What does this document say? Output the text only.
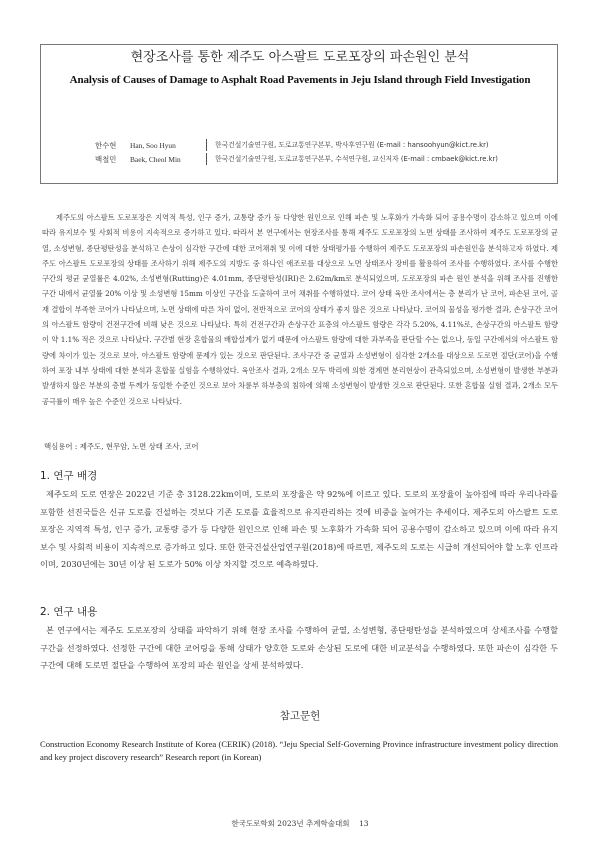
현장조사를 통한 제주도 아스팔트 도로포장의 파손원인 분석
Analysis of Causes of Damage to Asphalt Road Pavements in Jeju Island through Field Investigation
한수현	Han, Soo Hyun	한국건설기술연구원, 도로교통연구본부, 박사후연구원 (E-mail : hansoohyun@kict.re.kr)
백철민	Baek, Cheol Min	한국건설기술연구원, 도로교통연구본부, 수석연구원, 교신저자 (E-mail : cmbaek@kict.re.kr)

제주도의 아스팔트 도로포장은 지역적 특성, 인구 증가, 교통량 증가 등 다양한 원인으로 인해 파손 및 노후화가 가속화 되어 공용수명이 감소하고 있으며 이에 따라 유지보수 및 사회적 비용이 지속적으로 증가하고 있다. 따라서 본 연구에서는 현장조사를 통해 제주도 도로포장의 노면 상태를 조사하여 제주도 도로포장의 균열, 소성변형, 종단평탄성을 분석하고 손상이 심각한 구간에 대한 코어채취 및 이에 대한 상태평가를 수행하여 제주도 도로포장의 파손원인을 분석하고자 하였다. 제주도 아스팔트 도로포장의 상태를 조사하기 위해 제주도의 지방도 중 하나인 애조로를 대상으로 노면 상태조사 장비를 활용하여 조사를 수행하였다. 조사를 수행한 구간의 평균 균열률은 4.02%, 소성변형(Rutting)은 4.01mm, 종단평탄성(IRI)은 2.62m/km로 분석되었으며, 도로포장의 파손 원인 분석을 위해 조사를 진행한 구간 내에서 균열률 20% 이상 및 소성변형 15mm 이상인 구간을 도출하여 코어 채취를 수행하였다. 코어 상태 육안 조사에서는 층 분리가 난 코어, 파손된 코어, 골재 결합이 부족한 코어가 나타났으며, 노면 상태에 따른 차이 없이, 전반적으로 코어의 상태가 좋지 않은 것으로 나타났다. 코어의 물성을 평가한 결과, 손상구간 코어의 아스팔트 함량이 건전구간에 비해 낮은 것으로 나타났다. 특히 건전구간과 손상구간 표층의 아스팔트 함량은 각각 5.20%, 4.11%로, 손상구간의 아스팔트 함량이 약 1.1% 적은 것으로 나타났다. 구간별 현장 혼합물의 배합설계가 없기 때문에 아스팔트 함량에 대한 과부족을 판단할 수는 없으나, 동일 구간에서의 아스팔트 함량에 차이가 있는 것으로 보아, 아스팔트 함량에 문제가 있는 것으로 판단된다. 조사구간 중 균열과 소성변형이 심각한 2개소를 대상으로 도로면 절단(코어)을 수행하여 포장 내부 상태에 대한 분석과 혼합물 실험을 수행하였다. 육안조사 결과, 2개소 모두 박리에 의한 경계면 분리현상이 관측되었으며, 소성변형이 발생한 부분과 발생하지 않은 부분의 층별 두께가 동일한 수준인 것으로 보아 차륜부 하부층의 침하에 의해 소성변형이 발생한 것으로 판단된다. 또한 혼합물 실험 결과, 2개소 모두 공극률이 매우 높은 수준인 것으로 나타났다.

핵심용어 : 제주도, 현무암, 노면 상태 조사, 코어
1. 연구 배경

제주도의 도로 연장은 2022년 기준 총 3128.22km이며, 도로의 포장율은 약 92%에 이르고 있다. 도로의 포장율이 높아짐에 따라 우리나라를 포함한 선진국들은 신규 도로를 건설하는 것보다 기존 도로를 효율적으로 유지관리하는 것에 비중을 높여가는 추세이다. 제주도의 아스팔트 도로포장은 지역적 특성, 인구 증가, 교통량 증가 등 다양한 원인으로 인해 파손 및 노후화가 가속화 되어 공용수명이 감소하고 있으며 이에 따라 유지보수 및 사회적 비용이 지속적으로 증가하고 있다. 또한 한국건설산업연구원(2018)에 따르면, 제주도의 도로는 시급히 개선되어야 할 노후 인프라이며, 2030년에는 30년 이상 된 도로가 50% 이상 차지할 것으로 예측하였다.

2. 연구 내용

본 연구에서는 제주도 도로포장의 상태를 파악하기 위해 현장 조사를 수행하여 균열, 소성변형, 종단평탄성을 분석하였으며 상세조사를 수행할 구간을 선정하였다. 선정한 구간에 대한 코어링을 통해 상태가 양호한 도로와 손상된 도로에 대한 비교분석을 수행하였다. 또한 파손이 심각한 두 구간에 대해 도로면 절단을 수행하여 포장의 파손 원인을 상세 분석하였다.

참고문헌
Construction Economy Research Institute of Korea (CERIK) (2018). “Jeju Special Self-Governing Province infrastructure investment policy direction and key project discovery research” Research report (in Korean)
한국도로학회 2023년 추계학술대회    13
